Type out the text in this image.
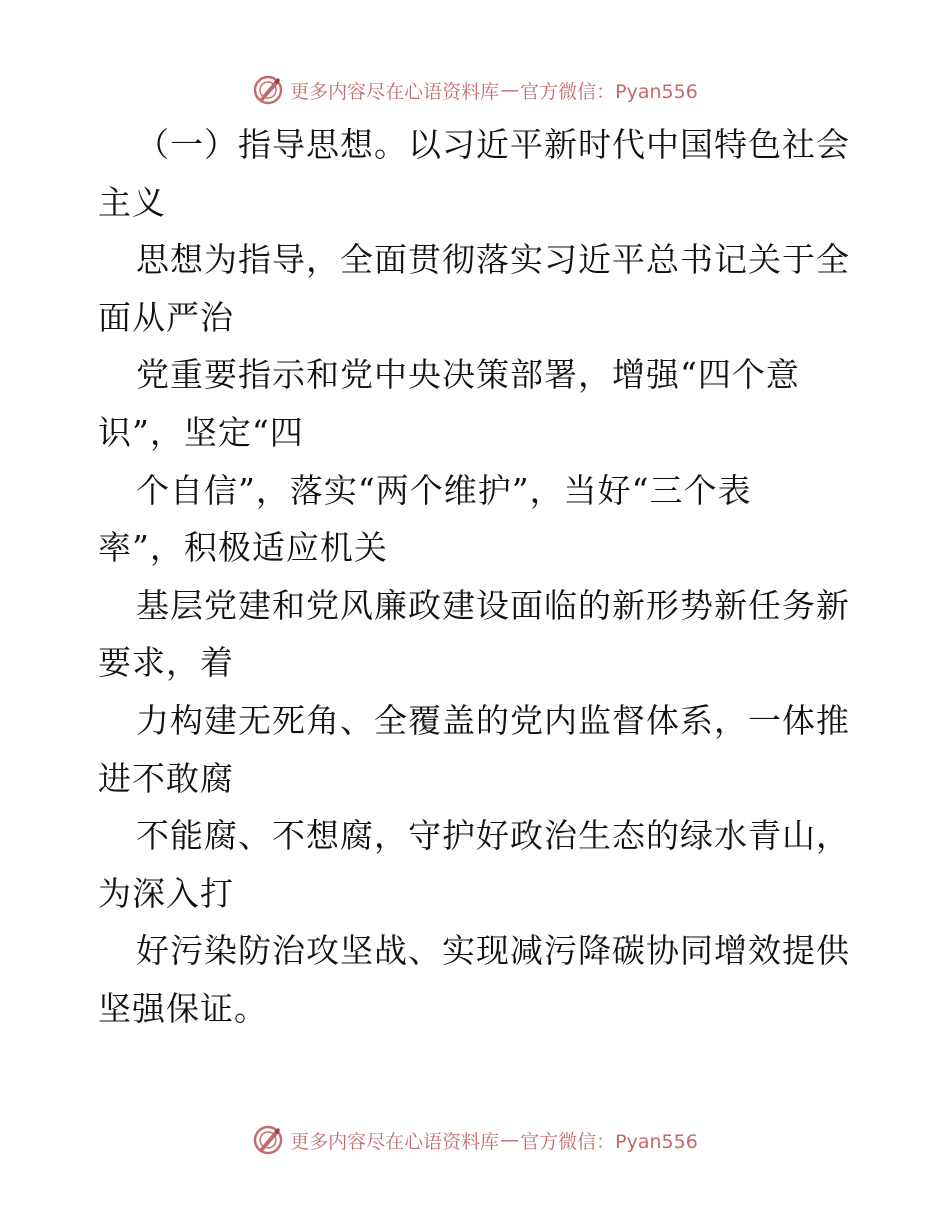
更多内容尽在心语资料库 — 官方微信：Pyan556
（一）指导思想。以习近平新时代中国特色社会
主义
思想为指导，全面贯彻落实习近平总书记关于全
面从严治
党重要指示和党中央决策部署，增强“四个意
识”，坚定“四
个自信”，落实“两个维护”，当好“三个表
率”，积极适应机关
基层党建和党风廉政建设面临的新形势新任务新
要求，着
力构建无死角、全覆盖的党内监督体系，一体推
进不敢腐
不能腐、不想腐，守护好政治生态的绿水青山，
为深入打
好污染防治攻坚战、实现减污降碳协同增效提供
坚强保证。
更多内容尽在心语资料库 — 官方微信：Pyan556
